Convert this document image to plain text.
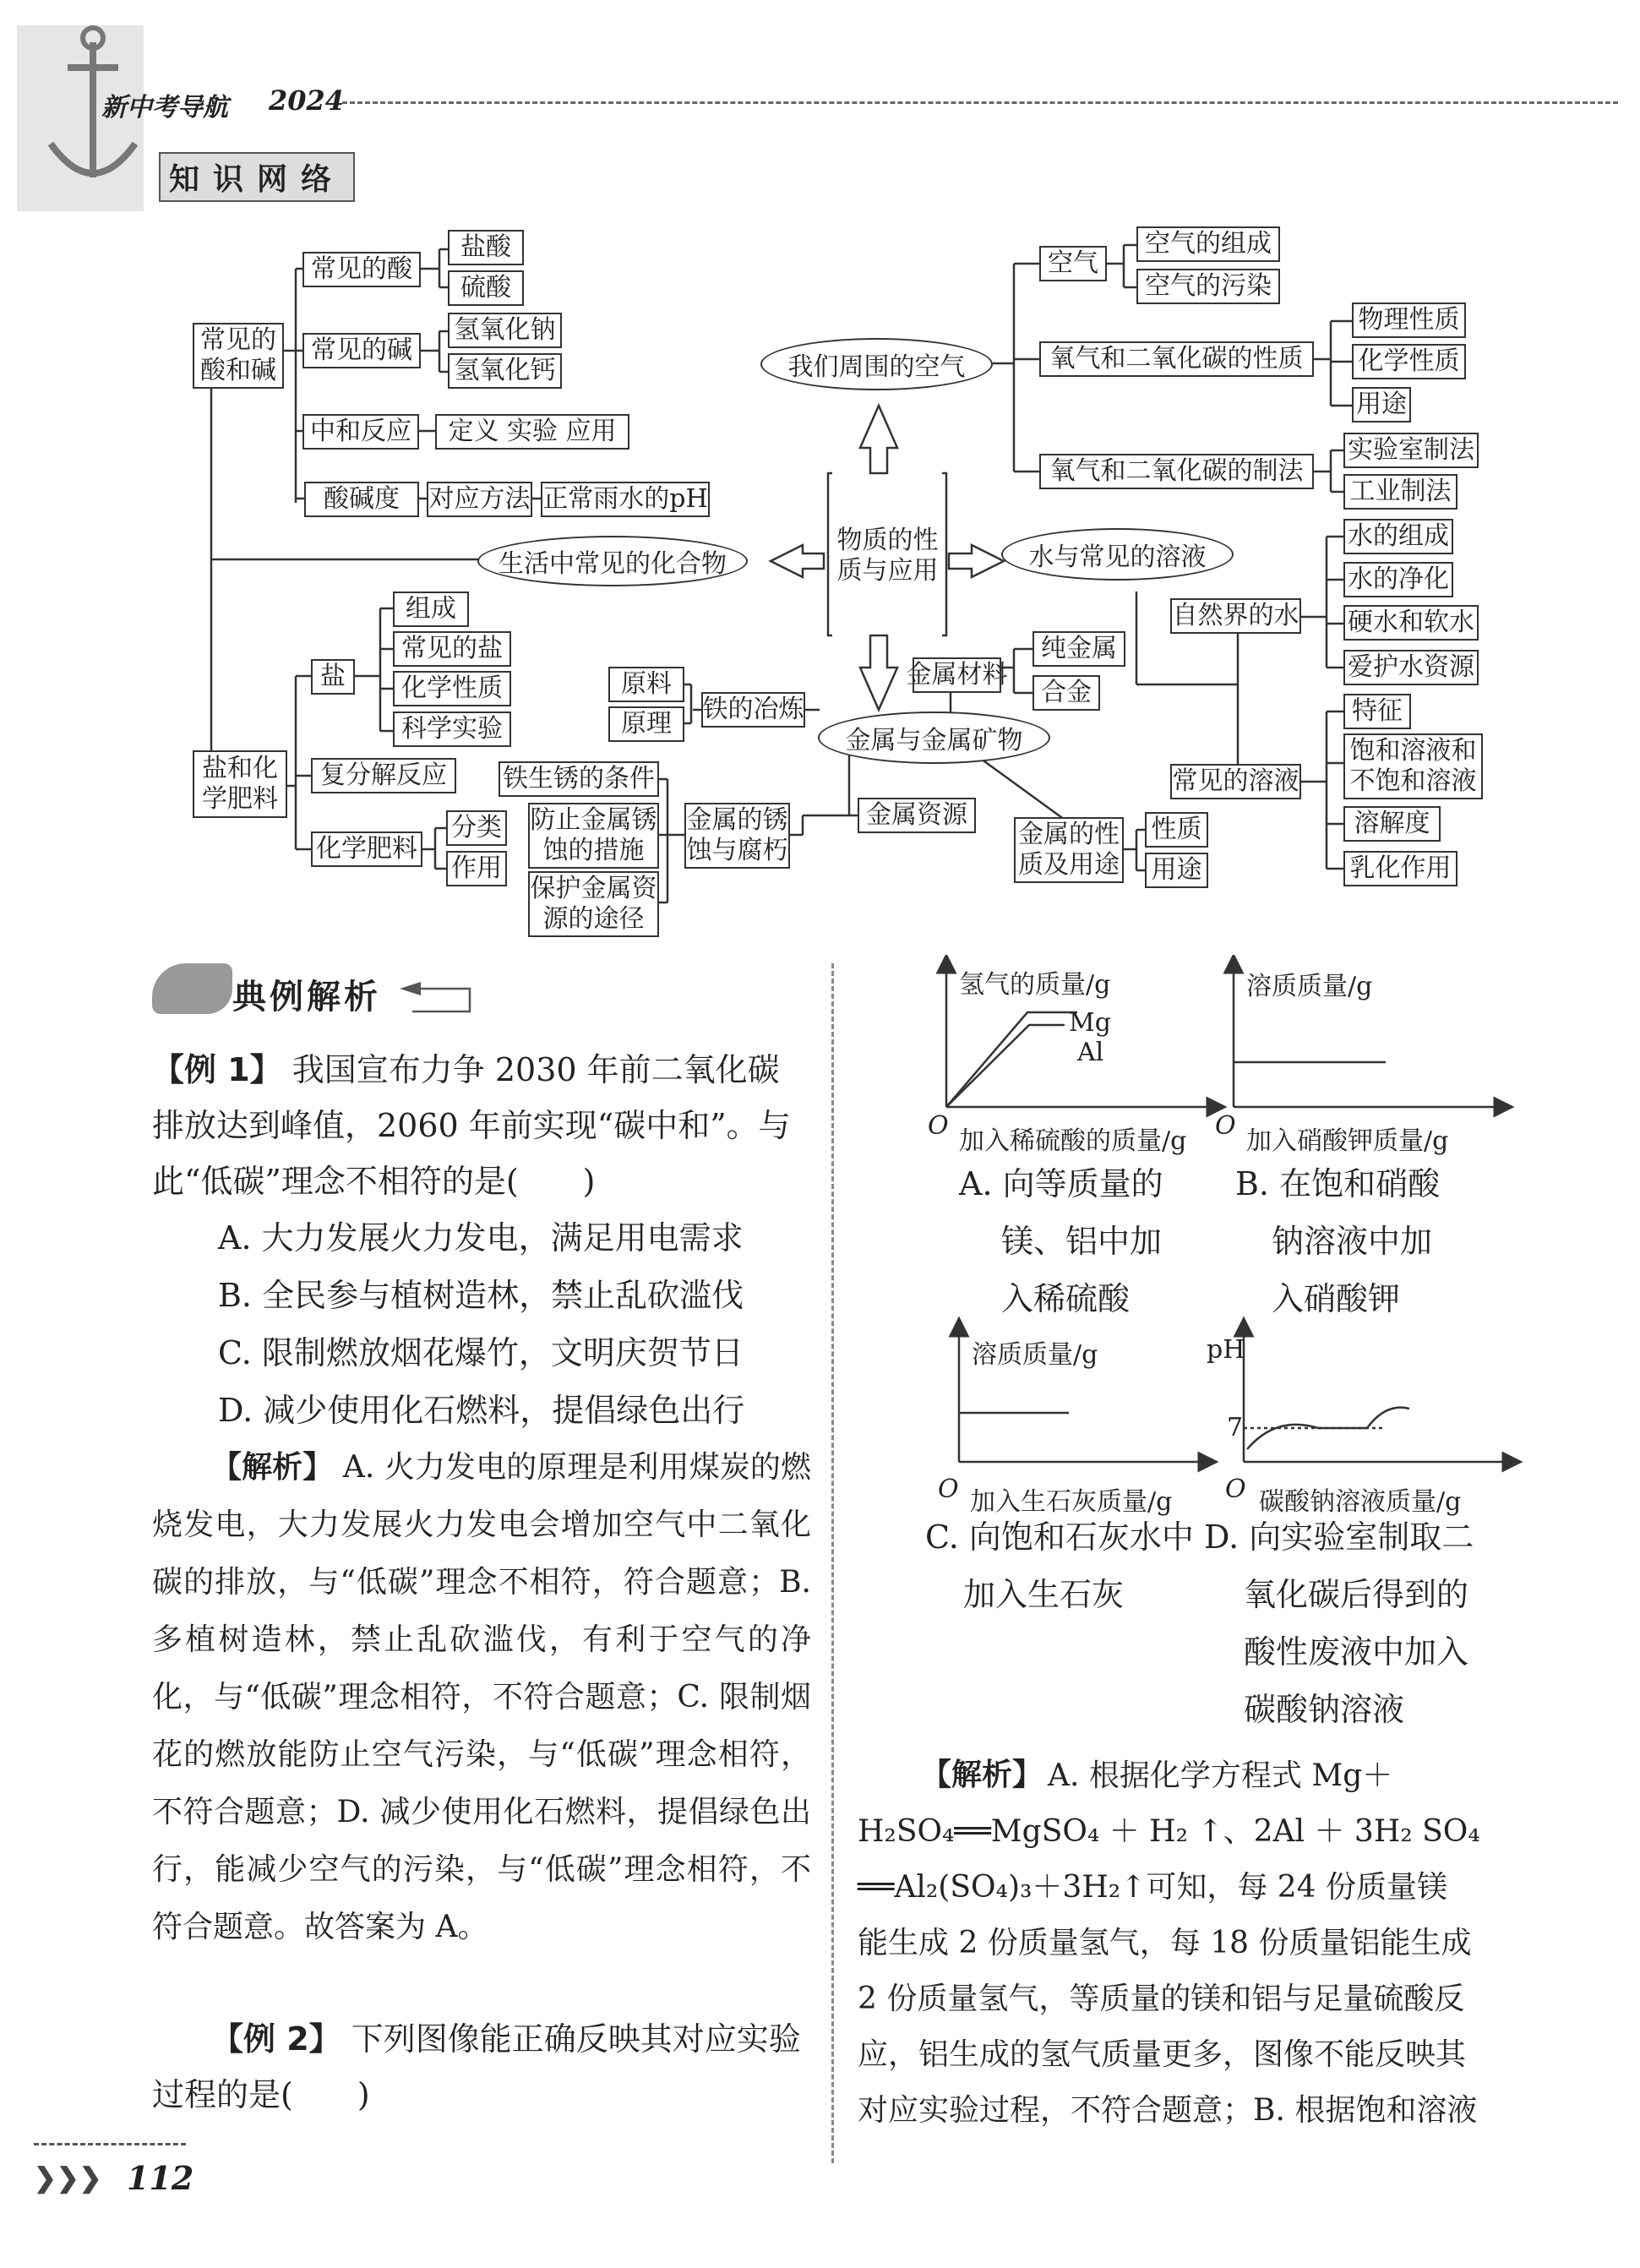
新中考导航 2024
知识网络
物质的性
质与应用
常见的
酸和碱
常见的酸
盐酸
硫酸
常见的碱
氢氧化钠
氢氧化钙
中和反应	定义 实验 应用
酸碱度	对应方法 正常雨水的pH
生活中常见的化合物
盐和化
学肥料
盐
组成
常见的盐
化学性质
科学实验
复分解反应
化学肥料
分类
作用
我们周围的空气
空气
空气的组成
空气的污染
氧气和二氧化碳的性质
物理性质
化学性质
用途
氧气和二氧化碳的制法
实验室制法
工业制法
水与常见的溶液
自然界的水
水的组成
水的净化
硬水和软水
爱护水资源
常见的溶液
特征
饱和溶液和
不饱和溶液
溶解度
乳化作用
金属与金属矿物
金属材料
纯金属
合金
铁的冶炼
原料
原理
金属资源
金属的锈
蚀与腐朽
铁生锈的条件
防止金属锈
蚀的措施
保护金属资
源的途径
金属的性
质及用途
性质
用途
典例解析
【例 1】 我国宣布力争 2030 年前二氧化碳排放达到峰值，2060 年前实现“碳中和”。与此“低碳”理念不相符的是(　　)
A. 大力发展火力发电，满足用电需求
B. 全民参与植树造林，禁止乱砍滥伐
C. 限制燃放烟花爆竹，文明庆贺节日
D. 减少使用化石燃料，提倡绿色出行
【解析】 A. 火力发电的原理是利用煤炭的燃烧发电，大力发展火力发电会增加空气中二氧化碳的排放，与“低碳”理念不相符，符合题意；B. 多植树造林，禁止乱砍滥伐，有利于空气的净化，与“低碳”理念相符，不符合题意；C. 限制烟花的燃放能防止空气污染，与“低碳”理念相符，不符合题意；D. 减少使用化石燃料，提倡绿色出行，能减少空气的污染，与“低碳”理念相符，不符合题意。故答案为 A。
【例 2】 下列图像能正确反映其对应实验过程的是(　　)
氢气的质量/g
Mg
Al
O
加入稀硫酸的质量/g
溶质质量/g
O
加入硝酸钾质量/g
A. 向等质量的
镁、铝中加
入稀硫酸
B. 在饱和硝酸
钠溶液中加
入硝酸钾
溶质质量/g
O 加入生石灰质量/g
pH
7
O 碳酸钠溶液质量/g
C. 向饱和石灰水中
加入生石灰
D. 向实验室制取二
氧化碳后得到的
酸性废液中加入
碳酸钠溶液
【解析】 A. 根据化学方程式 Mg＋
H₂SO₄══MgSO₄ ＋ H₂ ↑、2Al ＋ 3H₂ SO₄
══Al₂(SO₄)₃＋3H₂↑可知，每 24 份质量镁
能生成 2 份质量氢气，每 18 份质量铝能生成
2 份质量氢气，等质量的镁和铝与足量硫酸反
应，铝生成的氢气质量更多，图像不能反映其
对应实验过程，不符合题意；B. 根据饱和溶液
❯❯❯ 112
